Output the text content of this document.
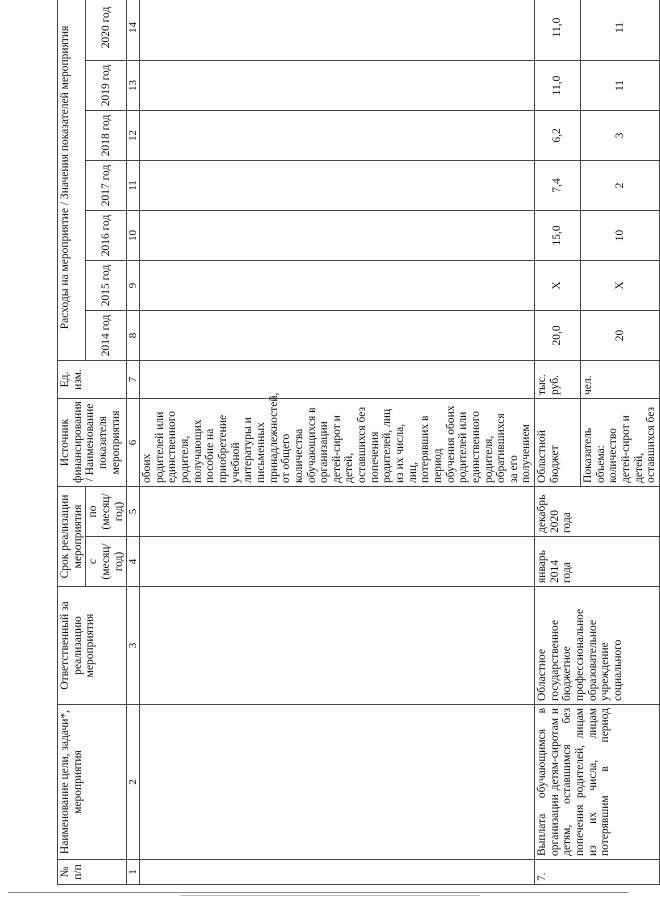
№ п/п	Наименование цели, задачи*, мероприятия	Ответственный за реализацию мероприятия	Срок реализации мероприятия		Источник финансирования / Наименование показателя мероприятия	Ед. изм.	Расходы на мероприятие / Значения показателей мероприятия						
			с (месяц/ год)	по (месяц/ год)			2014 год	2015 год	2016 год	2017 год	2018 год	2019 год	2020 год

1	2	3	4	5	6	7	8	9	10	11	12	13	14
					обоих родителей или единственного родителя, получающих пособие на приобретение учебной литературы и письменных принадлежностей, от общего количества обучающихся в организации детей-сирот и детей, оставшихся без попечения родителей, лиц из их числа, лиц, потерявших в период обучения обоих родителей или единственного родителя, обратившихся за его получением								
7.	Выплата обучающимся в организации детям-сиротам и детям, оставшимся без попечения родителей, лицам из их числа, лицам потерявшим в период	Областное государственное бюджетное профессиональное образовательное учреждение социального	январь 2014 года	декабрь 2020 года	Областной бюджет	тыс. руб.	20,0	Х	15,0	7,4	6,2	11,0	11,0
					Показатель объема: количество детей-сирот и детей, оставшихся без	чел.	20	Х	10	2	3	11	11
